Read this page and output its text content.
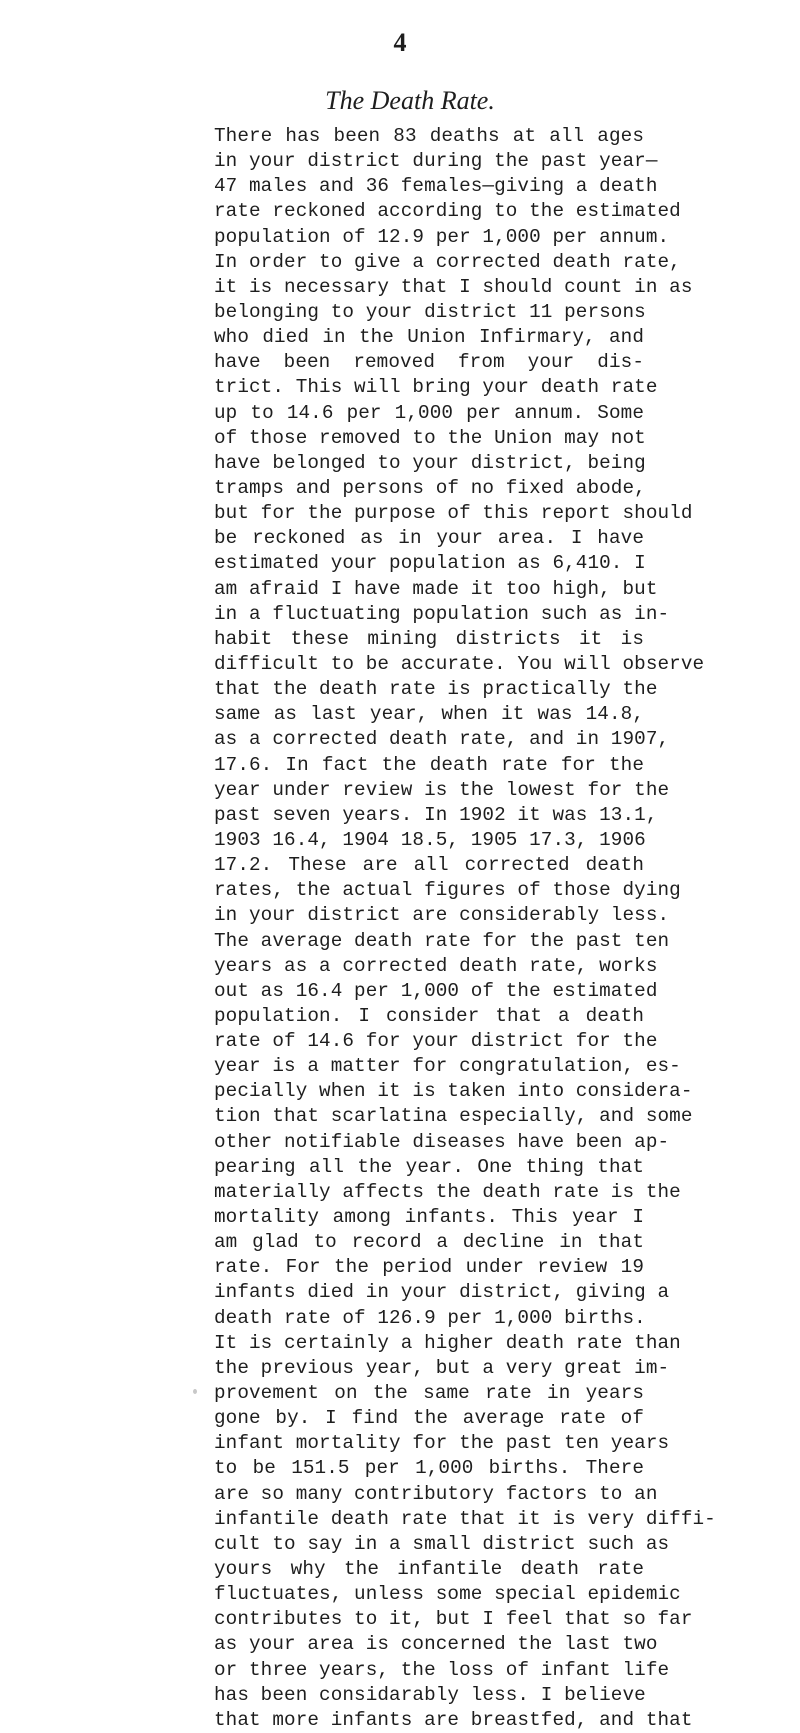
4
The Death Rate.
There has been 83 deaths at all ages
in your district during the past year—
47 males and 36 females—giving a death
rate reckoned according to the estimated
population of 12.9 per 1,000 per annum.
In order to give a corrected death rate,
it is necessary that I should count in as
belonging to your district 11 persons
who died in the Union Infirmary, and
have been removed from your dis-
trict. This will bring your death rate
up to 14.6 per 1,000 per annum. Some
of those removed to the Union may not
have belonged to your district, being
tramps and persons of no fixed abode,
but for the purpose of this report should
be reckoned as in your area. I have
estimated your population as 6,410. I
am afraid I have made it too high, but
in a fluctuating population such as in-
habit these mining districts it is
difficult to be accurate. You will observe
that the death rate is practically the
same as last year, when it was 14.8,
as a corrected death rate, and in 1907,
17.6. In fact the death rate for the
year under review is the lowest for the
past seven years. In 1902 it was 13.1,
1903 16.4, 1904 18.5, 1905 17.3, 1906
17.2. These are all corrected death
rates, the actual figures of those dying
in your district are considerably less.
The average death rate for the past ten
years as a corrected death rate, works
out as 16.4 per 1,000 of the estimated
population. I consider that a death
rate of 14.6 for your district for the
year is a matter for congratulation, es-
pecially when it is taken into considera-
tion that scarlatina especially, and some
other notifiable diseases have been ap-
pearing all the year. One thing that
materially affects the death rate is the
mortality among infants. This year I
am glad to record a decline in that
rate. For the period under review 19
infants died in your district, giving a
death rate of 126.9 per 1,000 births.
It is certainly a higher death rate than
the previous year, but a very great im-
provement on the same rate in years
gone by. I find the average rate of
infant mortality for the past ten years
to be 151.5 per 1,000 births. There
are so many contributory factors to an
infantile death rate that it is very diffi-
cult to say in a small district such as
yours why the infantile death rate
fluctuates, unless some special epidemic
contributes to it, but I feel that so far
as your area is concerned the last two
or three years, the loss of infant life
has been considarably less. I believe
that more infants are breastfed, and that
